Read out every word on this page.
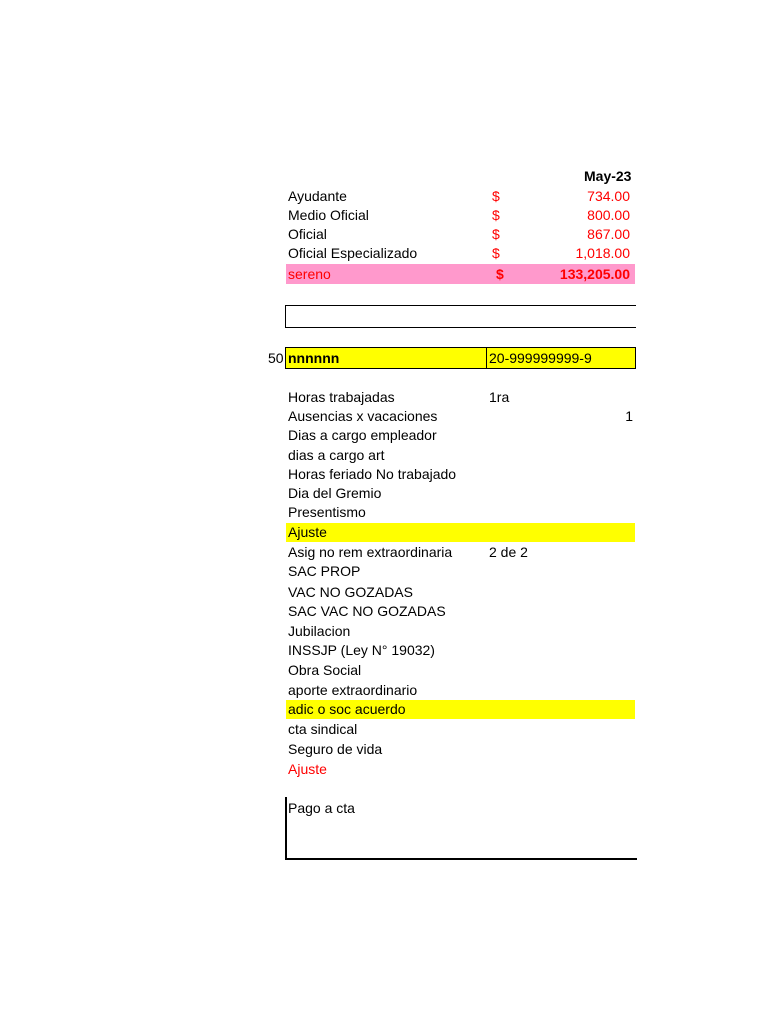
May-23
Ayudante	$	734.00
Medio Oficial	$	800.00
Oficial	$	867.00
Oficial Especializado	$	1,018.00
sereno	$	133,205.00
50 nnnnnn	20-999999999-9
Horas trabajadas	1ra
Ausencias x vacaciones	1
Dias a cargo empleador
dias a cargo art
Horas feriado No trabajado
Dia del Gremio
Presentismo
Ajuste
Asig no rem extraordinaria	2 de 2
SAC PROP
VAC NO GOZADAS
SAC VAC NO GOZADAS
Jubilacion
INSSJP (Ley N° 19032)
Obra Social
aporte extraordinario
adic o soc acuerdo
cta sindical
Seguro de vida
Ajuste
Pago a cta
